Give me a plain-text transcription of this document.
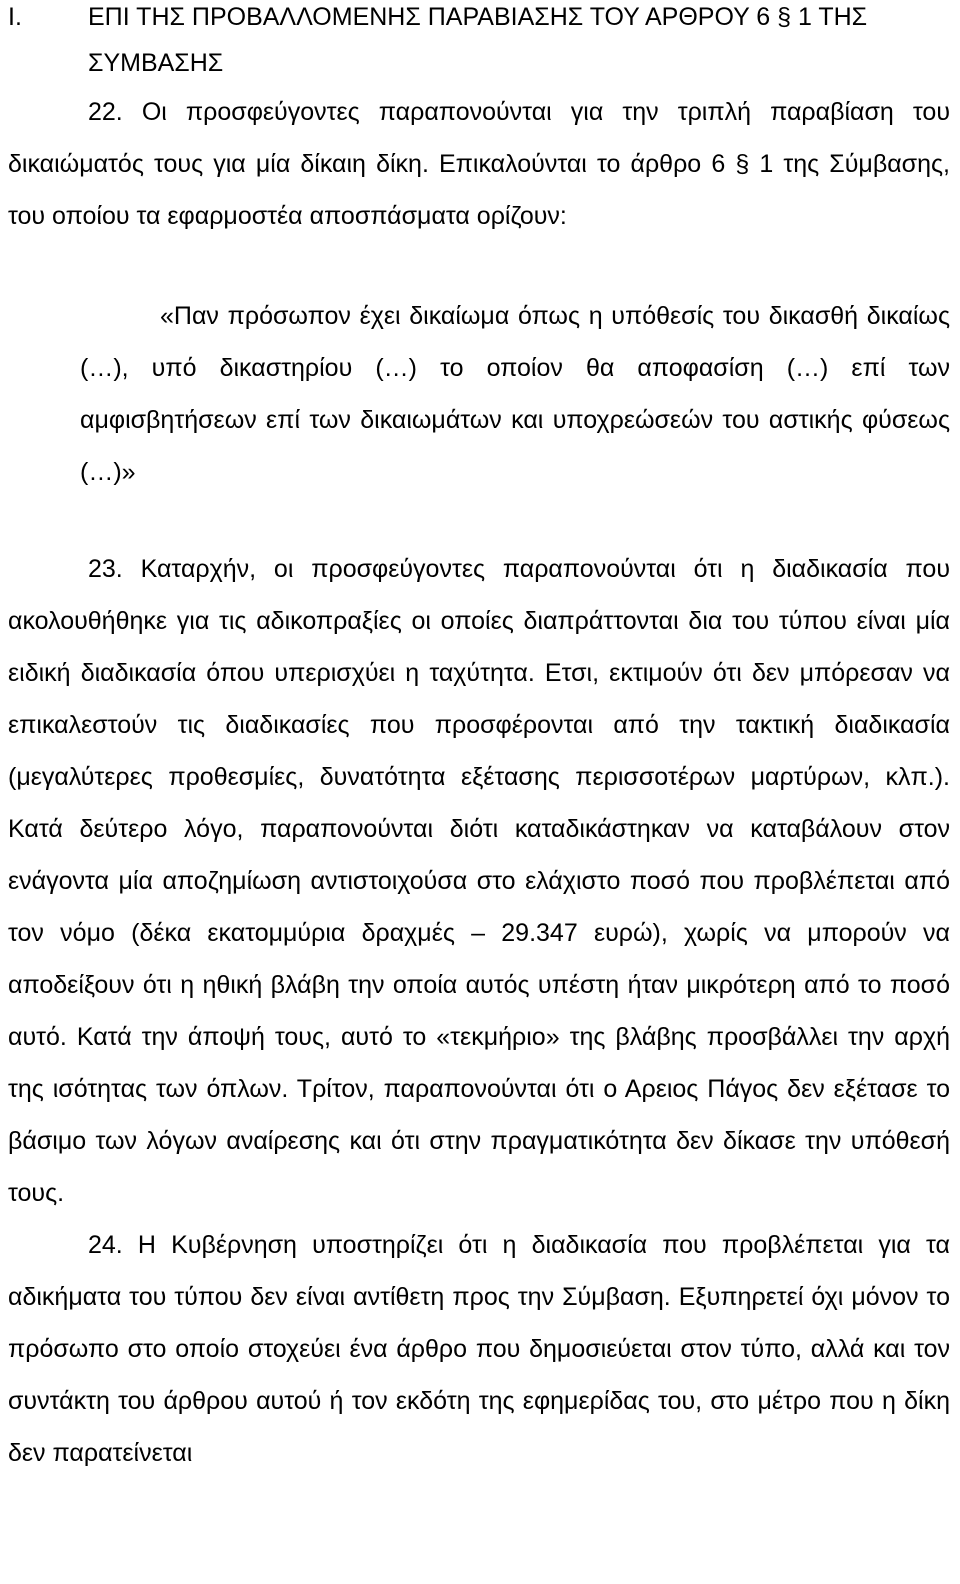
I.	ΕΠΙ ΤΗΣ ΠΡΟΒΑΛΛΟΜΕΝΗΣ ΠΑΡΑΒΙΑΣΗΣ ΤΟΥ ΑΡΘΡΟΥ 6 § 1 ΤΗΣ ΣΥΜΒΑΣΗΣ

22. Οι προσφεύγοντες παραπονούνται για την τριπλή παραβίαση του δικαιώματός τους για μία δίκαιη δίκη. Επικαλούνται το άρθρο 6 § 1 της Σύμβασης, του οποίου τα εφαρμοστέα αποσπάσματα ορίζουν:

«Παν πρόσωπον έχει δικαίωμα όπως η υπόθεσίς του δικασθή δικαίως (…), υπό δικαστηρίου (…) το οποίον θα αποφασίση (…) επί των αμφισβητήσεων επί των δικαιωμάτων και υποχρεώσεών του αστικής φύσεως (…)»

23. Καταρχήν, οι προσφεύγοντες παραπονούνται ότι η διαδικασία που ακολουθήθηκε για τις αδικοπραξίες οι οποίες διαπράττονται δια του τύπου είναι μία ειδική διαδικασία όπου υπερισχύει η ταχύτητα. Ετσι, εκτιμούν ότι δεν μπόρεσαν να επικαλεστούν τις διαδικασίες που προσφέρονται από την τακτική διαδικασία (μεγαλύτερες προθεσμίες, δυνατότητα εξέτασης περισσοτέρων μαρτύρων, κλπ.). Κατά δεύτερο λόγο, παραπονούνται διότι καταδικάστηκαν να καταβάλουν στον ενάγοντα μία αποζημίωση αντιστοιχούσα στο ελάχιστο ποσό που προβλέπεται από τον νόμο (δέκα εκατομμύρια δραχμές – 29.347 ευρώ), χωρίς να μπορούν να αποδείξουν ότι η ηθική βλάβη την οποία αυτός υπέστη ήταν μικρότερη από το ποσό αυτό. Κατά την άποψή τους, αυτό το «τεκμήριο» της βλάβης προσβάλλει την αρχή της ισότητας των όπλων. Τρίτον, παραπονούνται ότι ο Αρειος Πάγος δεν εξέτασε το βάσιμο των λόγων αναίρεσης και ότι στην πραγματικότητα δεν δίκασε την υπόθεσή τους.

24. Η Κυβέρνηση υποστηρίζει ότι η διαδικασία που προβλέπεται για τα αδικήματα του τύπου δεν είναι αντίθετη προς την Σύμβαση. Εξυπηρετεί όχι μόνον το πρόσωπο στο οποίο στοχεύει ένα άρθρο που δημοσιεύεται στον τύπο, αλλά και τον συντάκτη του άρθρου αυτού ή τον εκδότη της εφημερίδας του, στο μέτρο που η δίκη δεν παρατείνεται
